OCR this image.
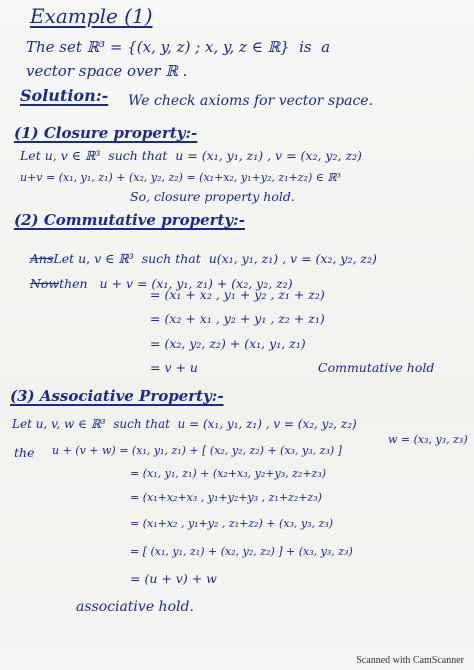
Example (1)
The set ℝ³ = {(x, y, z) ; x, y, z ∈ ℝ}  is  a
vector space over ℝ .
Solution:- We check axioms for vector space.
(1) Closure property:-
Let u, v ∈ ℝ³  such that  u = (x₁, y₁, z₁) , v = (x₂, y₂, z₂)
u+v = (x₁, y₁, z₁) + (x₂, y₂, z₂) = (x₁+x₂, y₁+y₂, z₁+z₂) ∈ ℝ³
So, closure property hold.
(2) Commutative property:-

AnsLet u, v ∈ ℝ³  such that  u(x₁, y₁, z₁) , v = (x₂, y₂, z₂)

Nowthen   u + v = (x₁, y₁, z₁) + (x₂, y₂, z₂)

= (x₁ + x₂ , y₁ + y₂ , z₁ + z₂)
= (x₂ + x₁ , y₂ + y₁ , z₂ + z₁)
= (x₂, y₂, z₂) + (x₁, y₁, z₁)
= v + u	Commutative hold
(3) Associative Property:-
Let u, v, w ∈ ℝ³  such that  u = (x₁, y₁, z₁) , v = (x₂, y₂, z₂)
w = (x₃, y₃, z₃)
the u + (v + w) = (x₁, y₁, z₁) + [ (x₂, y₂, z₂) + (x₃, y₃, z₃) ]
= (x₁, y₁, z₁) + (x₂+x₃, y₂+y₃, z₂+z₃)
= (x₁+x₂+x₃ , y₁+y₂+y₃ , z₁+z₂+z₃)
= (x₁+x₂ , y₁+y₂ , z₁+z₂) + (x₃, y₃, z₃)
= [ (x₁, y₁, z₁) + (x₂, y₂, z₂) ] + (x₃, y₃, z₃)
= (u + v) + w
associative hold.
Scanned with CamScanner
